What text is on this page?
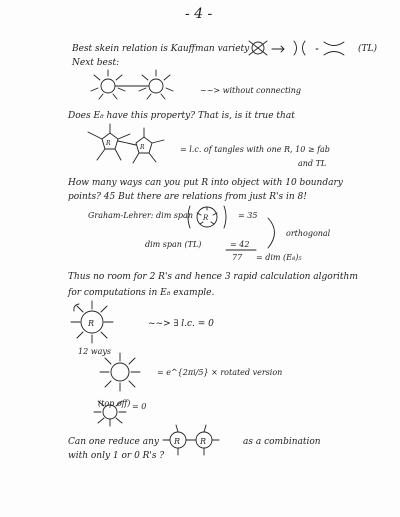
- 4 -
Best skein relation is Kauffman variety	(TL)
Next best:
~~> without connecting
Does E₈ have this property? That is, is it true that
= l.c. of tangles with one R, 10 ≥ fab
and TL
How many ways can you put R into object with 10 boundary
points? 45 But there are relations from just R's in 8!
Graham-Lehrer: dim span	= 35
dim span (TL)	= 42
orthogonal
77 = dim (E₈)₅
Thus no room for 2 R's and hence 3 rapid calculation algorithm
for computations in E₈ example.
~~> ∃ l.c. = 0
12 ways
= e^{2πi/5} × rotated version
(top off) = 0
Can one reduce any	as a combination
with only 1 or 0 R's ?
R
R
R
R
R R
